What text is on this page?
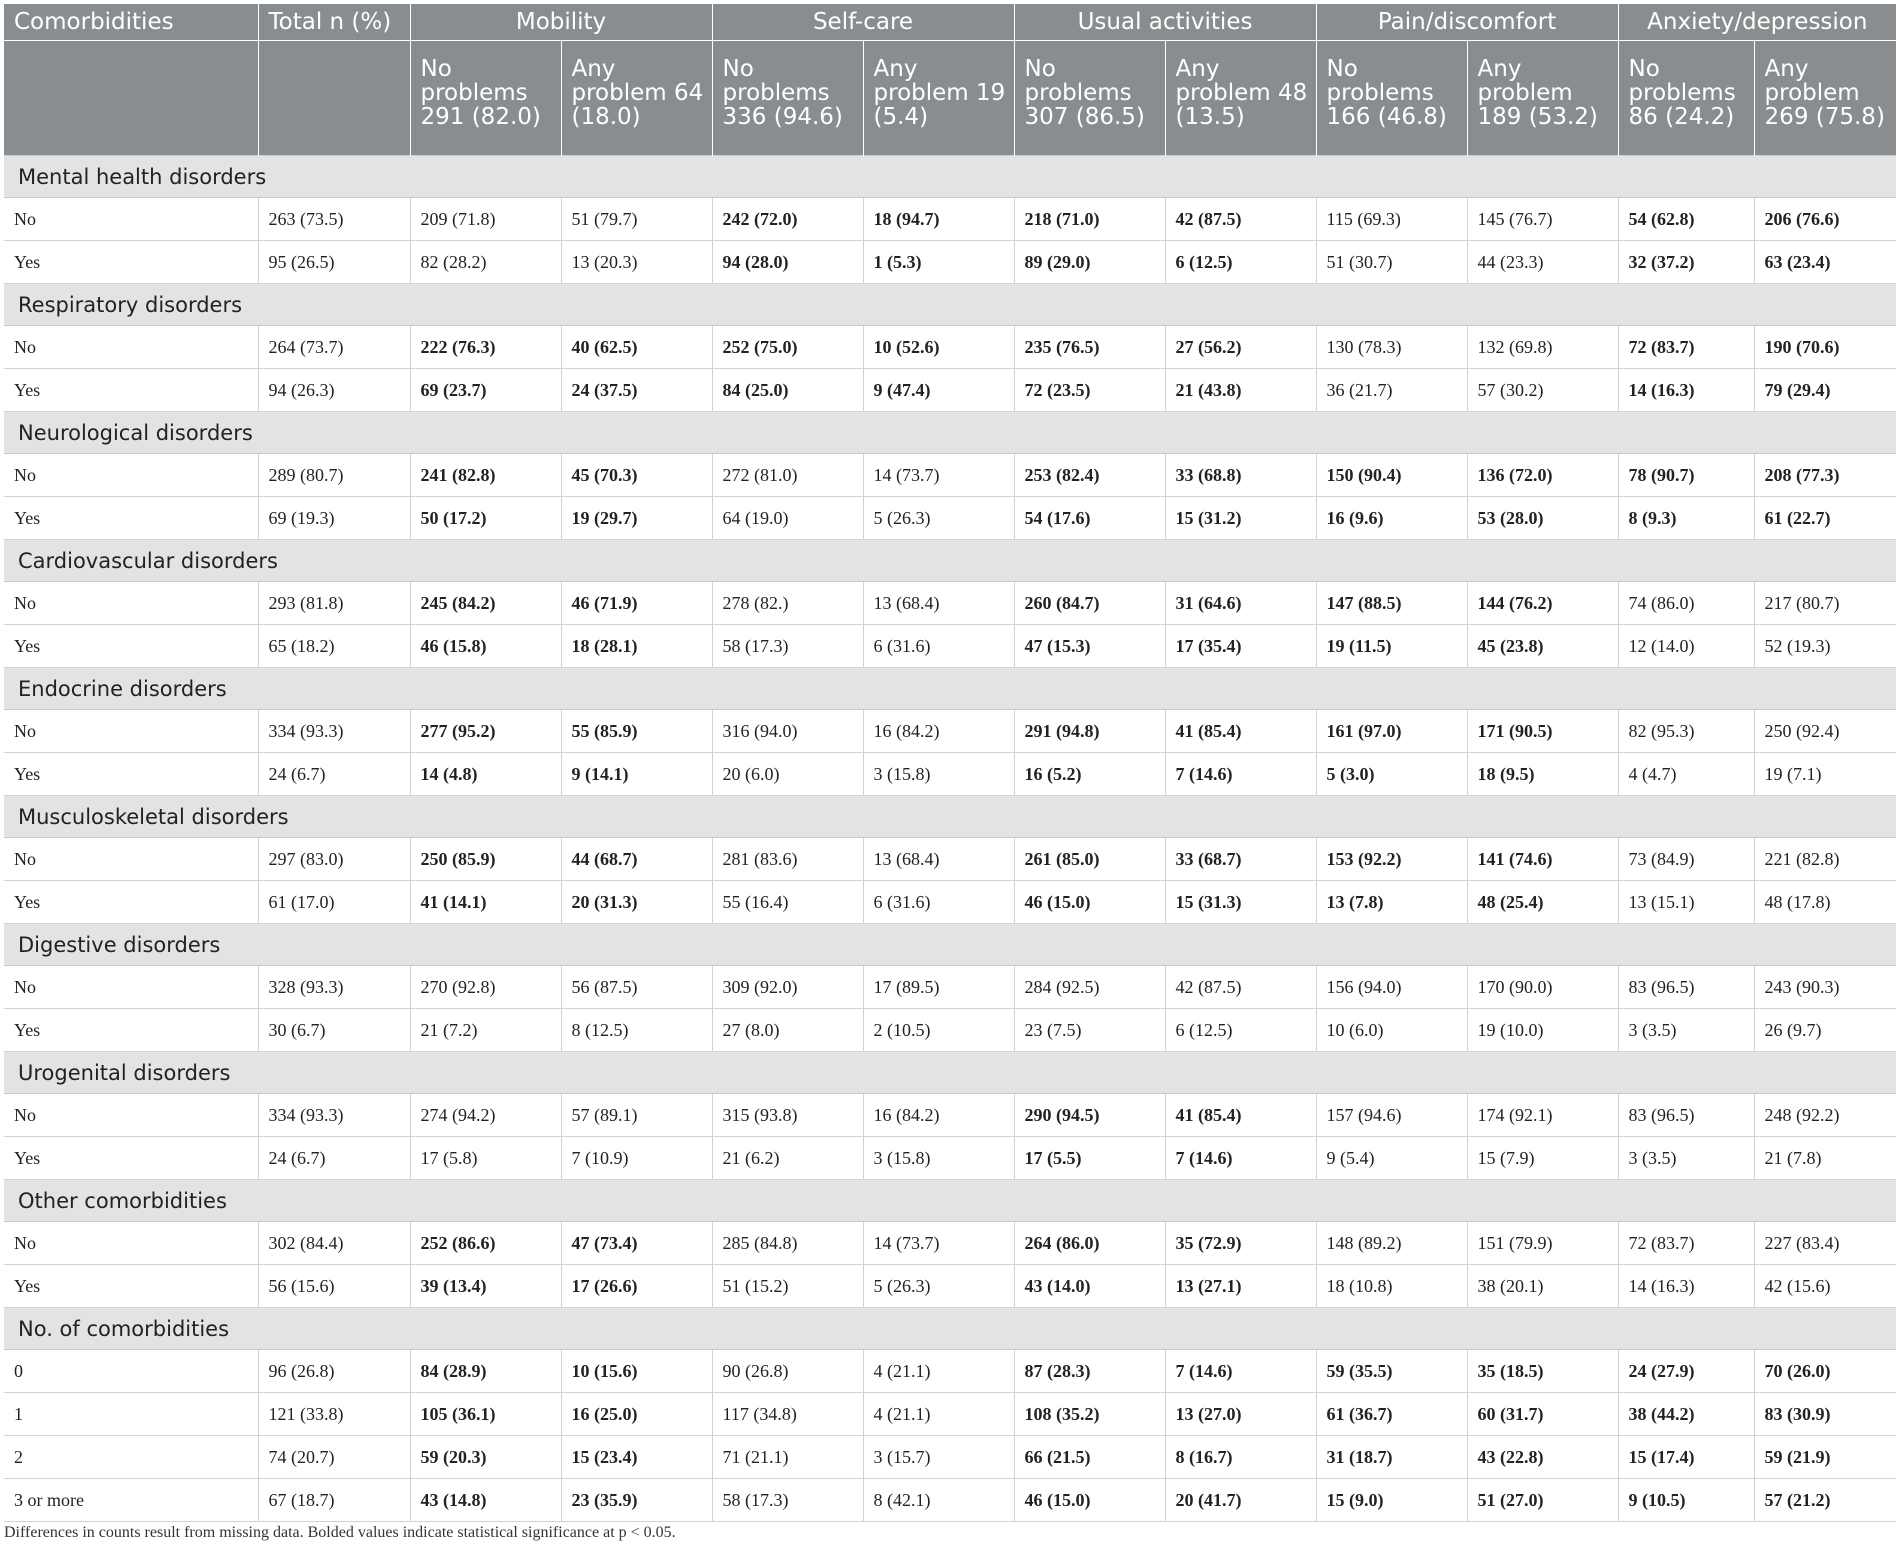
Comorbidities	Total n (%)	Mobility		Self-care		Usual activities		Pain/discomfort		Anxiety/depression	
		No problems 291 (82.0)	Any problem 64 (18.0)	No problems 336 (94.6)	Any problem 19 (5.4)	No problems 307 (86.5)	Any problem 48 (13.5)	No problems 166 (46.8)	Any problem 189 (53.2)	No problems 86 (24.2)	Any problem 269 (75.8)
Mental health disorders											
No	263 (73.5)	209 (71.8)	51 (79.7)	242 (72.0)	18 (94.7)	218 (71.0)	42 (87.5)	115 (69.3)	145 (76.7)	54 (62.8)	206 (76.6)
Yes	95 (26.5)	82 (28.2)	13 (20.3)	94 (28.0)	1 (5.3)	89 (29.0)	6 (12.5)	51 (30.7)	44 (23.3)	32 (37.2)	63 (23.4)
Respiratory disorders											
No	264 (73.7)	222 (76.3)	40 (62.5)	252 (75.0)	10 (52.6)	235 (76.5)	27 (56.2)	130 (78.3)	132 (69.8)	72 (83.7)	190 (70.6)
Yes	94 (26.3)	69 (23.7)	24 (37.5)	84 (25.0)	9 (47.4)	72 (23.5)	21 (43.8)	36 (21.7)	57 (30.2)	14 (16.3)	79 (29.4)
Neurological disorders											
No	289 (80.7)	241 (82.8)	45 (70.3)	272 (81.0)	14 (73.7)	253 (82.4)	33 (68.8)	150 (90.4)	136 (72.0)	78 (90.7)	208 (77.3)
Yes	69 (19.3)	50 (17.2)	19 (29.7)	64 (19.0)	5 (26.3)	54 (17.6)	15 (31.2)	16 (9.6)	53 (28.0)	8 (9.3)	61 (22.7)
Cardiovascular disorders											
No	293 (81.8)	245 (84.2)	46 (71.9)	278 (82.)	13 (68.4)	260 (84.7)	31 (64.6)	147 (88.5)	144 (76.2)	74 (86.0)	217 (80.7)
Yes	65 (18.2)	46 (15.8)	18 (28.1)	58 (17.3)	6 (31.6)	47 (15.3)	17 (35.4)	19 (11.5)	45 (23.8)	12 (14.0)	52 (19.3)
Endocrine disorders											
No	334 (93.3)	277 (95.2)	55 (85.9)	316 (94.0)	16 (84.2)	291 (94.8)	41 (85.4)	161 (97.0)	171 (90.5)	82 (95.3)	250 (92.4)
Yes	24 (6.7)	14 (4.8)	9 (14.1)	20 (6.0)	3 (15.8)	16 (5.2)	7 (14.6)	5 (3.0)	18 (9.5)	4 (4.7)	19 (7.1)
Musculoskeletal disorders											
No	297 (83.0)	250 (85.9)	44 (68.7)	281 (83.6)	13 (68.4)	261 (85.0)	33 (68.7)	153 (92.2)	141 (74.6)	73 (84.9)	221 (82.8)
Yes	61 (17.0)	41 (14.1)	20 (31.3)	55 (16.4)	6 (31.6)	46 (15.0)	15 (31.3)	13 (7.8)	48 (25.4)	13 (15.1)	48 (17.8)
Digestive disorders											
No	328 (93.3)	270 (92.8)	56 (87.5)	309 (92.0)	17 (89.5)	284 (92.5)	42 (87.5)	156 (94.0)	170 (90.0)	83 (96.5)	243 (90.3)
Yes	30 (6.7)	21 (7.2)	8 (12.5)	27 (8.0)	2 (10.5)	23 (7.5)	6 (12.5)	10 (6.0)	19 (10.0)	3 (3.5)	26 (9.7)
Urogenital disorders											
No	334 (93.3)	274 (94.2)	57 (89.1)	315 (93.8)	16 (84.2)	290 (94.5)	41 (85.4)	157 (94.6)	174 (92.1)	83 (96.5)	248 (92.2)
Yes	24 (6.7)	17 (5.8)	7 (10.9)	21 (6.2)	3 (15.8)	17 (5.5)	7 (14.6)	9 (5.4)	15 (7.9)	3 (3.5)	21 (7.8)
Other comorbidities											
No	302 (84.4)	252 (86.6)	47 (73.4)	285 (84.8)	14 (73.7)	264 (86.0)	35 (72.9)	148 (89.2)	151 (79.9)	72 (83.7)	227 (83.4)
Yes	56 (15.6)	39 (13.4)	17 (26.6)	51 (15.2)	5 (26.3)	43 (14.0)	13 (27.1)	18 (10.8)	38 (20.1)	14 (16.3)	42 (15.6)
No. of comorbidities											
0	96 (26.8)	84 (28.9)	10 (15.6)	90 (26.8)	4 (21.1)	87 (28.3)	7 (14.6)	59 (35.5)	35 (18.5)	24 (27.9)	70 (26.0)
1	121 (33.8)	105 (36.1)	16 (25.0)	117 (34.8)	4 (21.1)	108 (35.2)	13 (27.0)	61 (36.7)	60 (31.7)	38 (44.2)	83 (30.9)
2	74 (20.7)	59 (20.3)	15 (23.4)	71 (21.1)	3 (15.7)	66 (21.5)	8 (16.7)	31 (18.7)	43 (22.8)	15 (17.4)	59 (21.9)
3 or more	67 (18.7)	43 (14.8)	23 (35.9)	58 (17.3)	8 (42.1)	46 (15.0)	20 (41.7)	15 (9.0)	51 (27.0)	9 (10.5)	57 (21.2)
Differences in counts result from missing data. Bolded values indicate statistical significance at p < 0.05.
